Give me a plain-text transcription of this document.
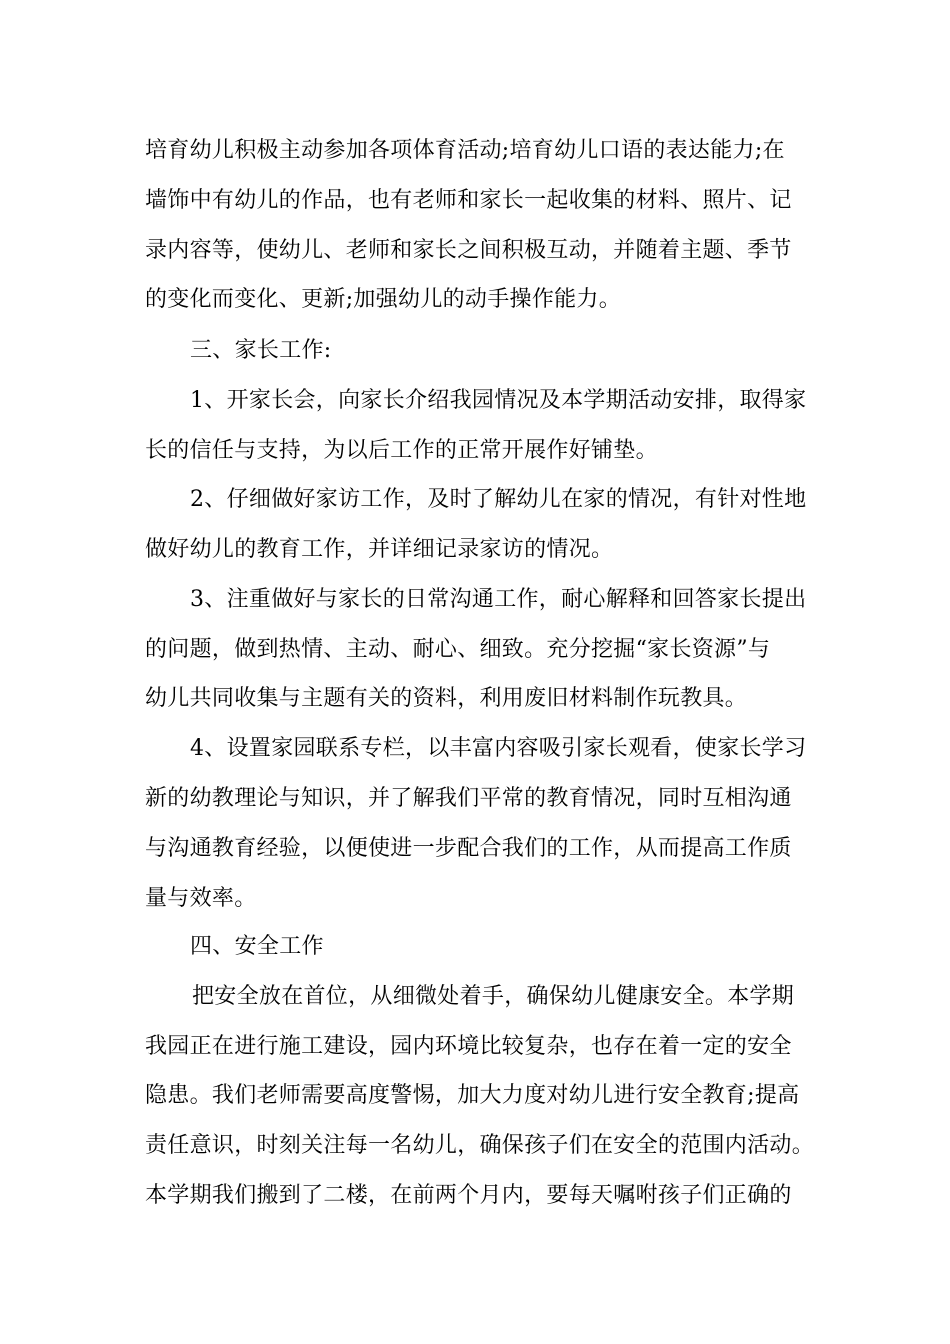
培育幼儿积极主动参加各项体育活动;培育幼儿口语的表达能力;在
墙饰中有幼儿的作品，也有老师和家长一起收集的材料、照片、记
录内容等，使幼儿、老师和家长之间积极互动，并随着主题、季节
的变化而变化、更新;加强幼儿的动手操作能力。
三、家长工作:
1、开家长会，向家长介绍我园情况及本学期活动安排，取得家
长的信任与支持，为以后工作的正常开展作好铺垫。
2、仔细做好家访工作，及时了解幼儿在家的情况，有针对性地
做好幼儿的教育工作，并详细记录家访的情况。
3、注重做好与家长的日常沟通工作，耐心解释和回答家长提出
的问题，做到热情、主动、耐心、细致。充分挖掘“家长资源”与
幼儿共同收集与主题有关的资料，利用废旧材料制作玩教具。
4、设置家园联系专栏，以丰富内容吸引家长观看，使家长学习
新的幼教理论与知识，并了解我们平常的教育情况，同时互相沟通
与沟通教育经验，以便使进一步配合我们的工作，从而提高工作质
量与效率。
四、安全工作
把安全放在首位，从细微处着手，确保幼儿健康安全。本学期
我园正在进行施工建设，园内环境比较复杂，也存在着一定的安全
隐患。我们老师需要高度警惕，加大力度对幼儿进行安全教育;提高
责任意识，时刻关注每一名幼儿，确保孩子们在安全的范围内活动。
本学期我们搬到了二楼，在前两个月内，要每天嘱咐孩子们正确的
